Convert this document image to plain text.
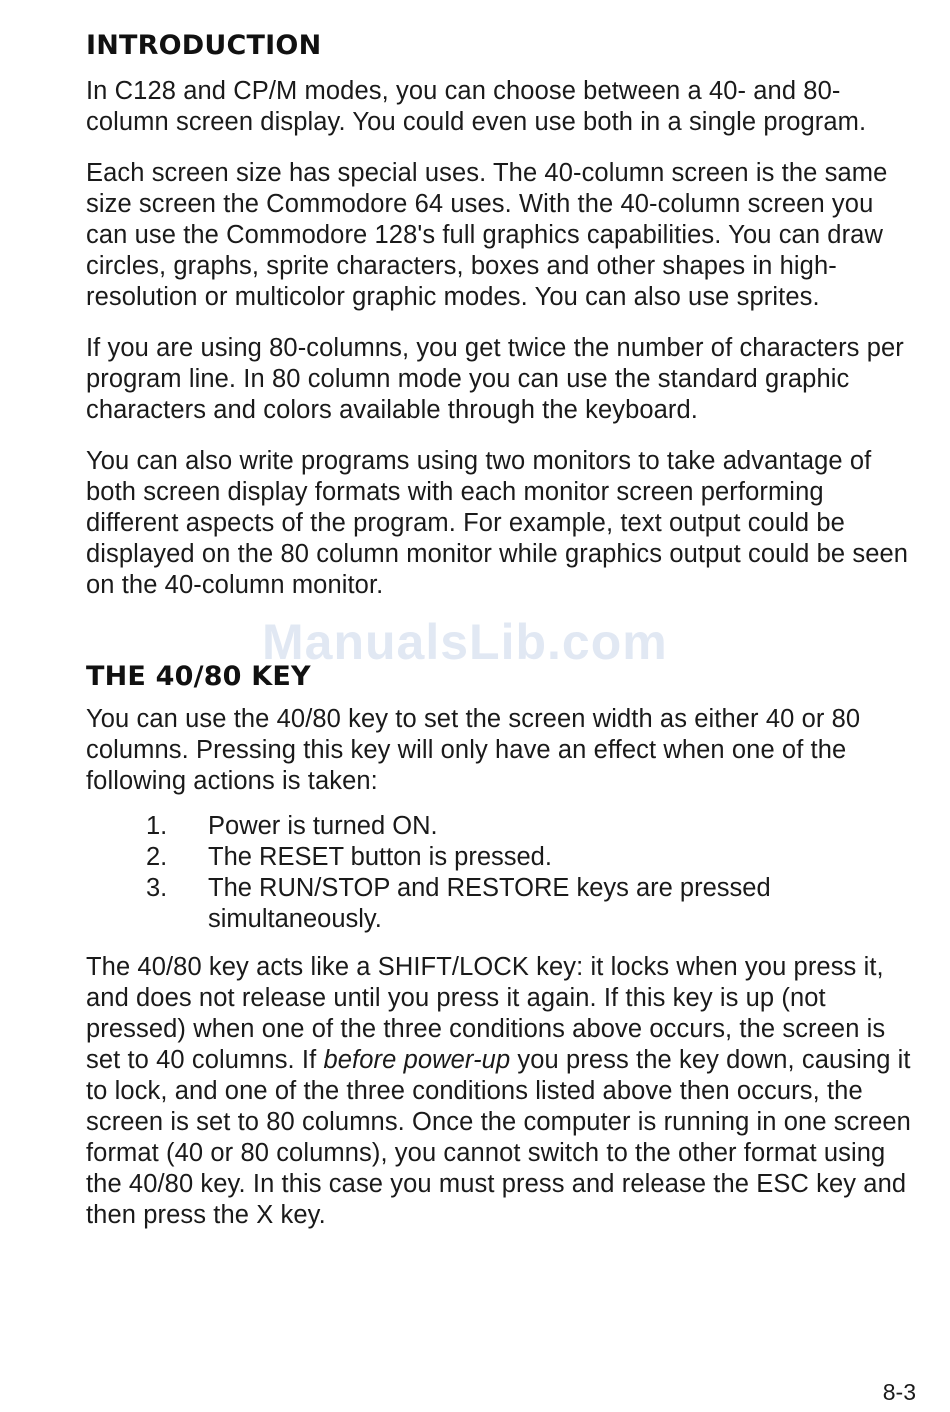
INTRODUCTION

In C128 and CP/M modes, you can choose between a 40- and 80-column screen display. You could even use both in a single program.

Each screen size has special uses. The 40-column screen is the same size screen the Commodore 64 uses. With the 40-column screen you can use the Commodore 128's full graphics capabilities. You can draw circles, graphs, sprite characters, boxes and other shapes in high-resolution or multicolor graphic modes. You can also use sprites.

If you are using 80-columns, you get twice the number of characters per program line. In 80 column mode you can use the standard graphic characters and colors available through the keyboard.

You can also write programs using two monitors to take advantage of both screen display formats with each monitor screen performing different aspects of the program. For example, text output could be displayed on the 80 column monitor while graphics output could be seen on the 40-column monitor.

THE 40/80 KEY

You can use the 40/80 key to set the screen width as either 40 or 80 columns. Pressing this key will only have an effect when one of the following actions is taken:

1.	Power is turned ON.
2.	The RESET button is pressed.
3.	The RUN/STOP and RESTORE keys are pressed simultaneously.

The 40/80 key acts like a SHIFT/LOCK key: it locks when you press it, and does not release until you press it again. If this key is up (not pressed) when one of the three conditions above occurs, the screen is set to 40 columns. If before power-up you press the key down, causing it to lock, and one of the three conditions listed above then occurs, the screen is set to 80 columns. Once the computer is running in one screen format (40 or 80 columns), you cannot switch to the other format using the 40/80 key. In this case you must press and release the ESC key and then press the X key.

ManualsLib.com
8-3
